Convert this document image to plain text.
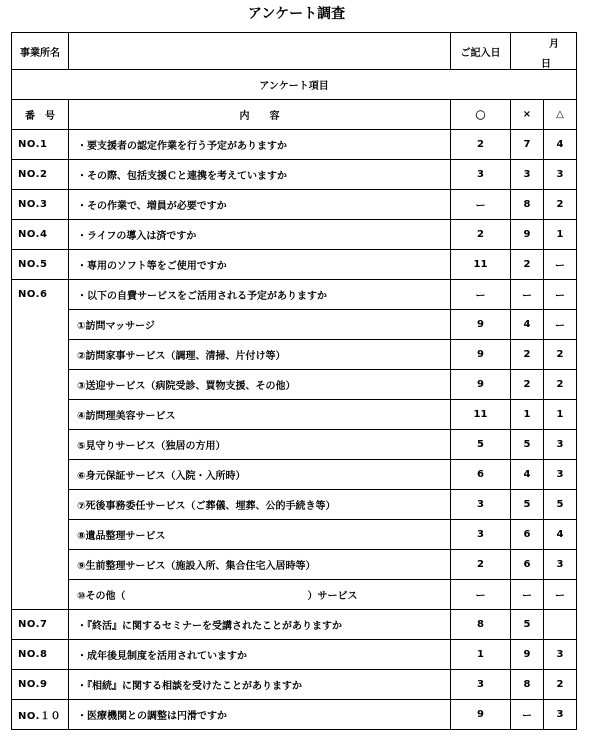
アンケート調査
事業所名		ご記入日	月
日	

アンケート項目				
番　号	内　　容	〇	×	△
NO.1	・要支援者の認定作業を行う予定がありますか	2	7	4
NO.2	・その際、包括支援Ｃと連携を考えていますか	3	3	3
NO.3	・その作業で、増員が必要ですか	ー	8	2
NO.4	・ライフの導入は済ですか	2	9	1
NO.5	・専用のソフト等をご使用ですか	11	2	ー
NO.6	・以下の自費サービスをご活用される予定がありますか	ー	ー	ー
	①訪問マッサージ	9	4	ー
	②訪問家事サービス（調理、清掃、片付け等）	9	2	2
	③送迎サービス（病院受診、買物支援、その他）	9	2	2
	④訪問理美容サービス	11	1	1
	⑤見守りサービス（独居の方用）	5	5	3
	⑥身元保証サービス（入院・入所時）	6	4	3
	⑦死後事務委任サービス（ご葬儀、埋葬、公的手続き等）	3	5	5
	⑧遺品整理サービス	3	6	4
	⑨生前整理サービス（施設入所、集合住宅入居時等）	2	6	3
	⑩その他（ ）サービス	ー	ー	ー
NO.7	・『終活』に関するセミナーを受講されたことがありますか	8	5	
NO.8	・成年後見制度を活用されていますか	1	9	3
NO.9	・『相続』に関する相談を受けたことがありますか	3	8	2
NO.１０	・医療機関との調整は円滑ですか	9	ー	3
